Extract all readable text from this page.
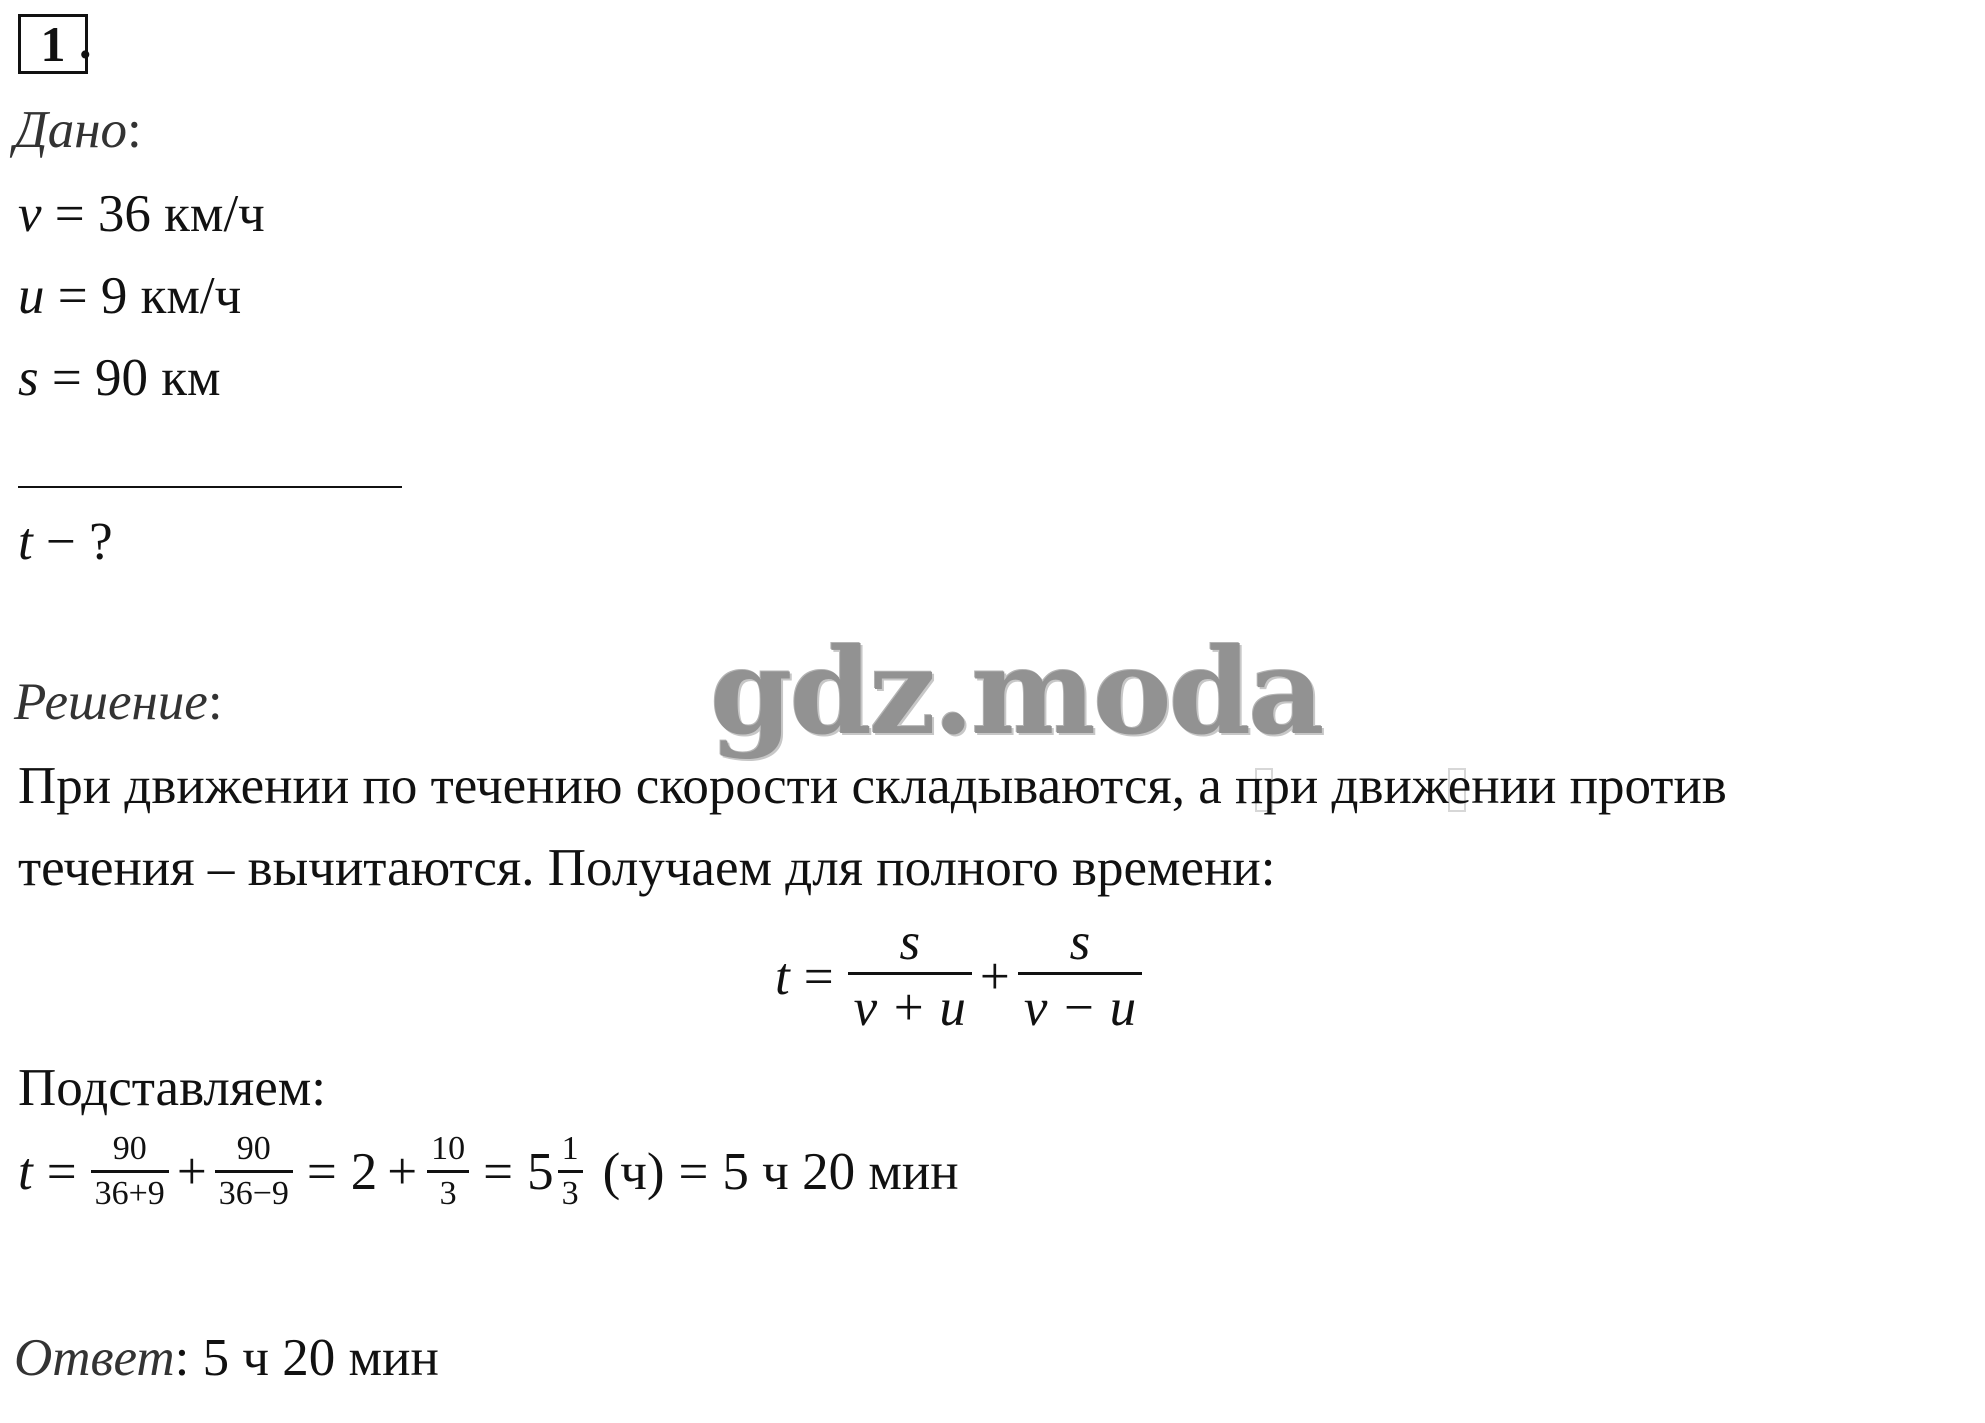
1 .
Дано:
v = 36 км/ч
u = 9 км/ч
s = 90 км
t − ?
gdz.moda
Решение:
При движении по течению скорости складываются, а при движении против
течения – вычитаются. Получаем для полного времени:
$t = \frac{s}{v + u} + \frac{s}{v - u}$
Подставляем:
$t = \frac{90}{36+9} + \frac{90}{36-9} = 2 + \frac{10}{3} = 5 \frac{1}{3} (ч) = 5$ ч 20 мин
Ответ: 5 ч 20 мин
